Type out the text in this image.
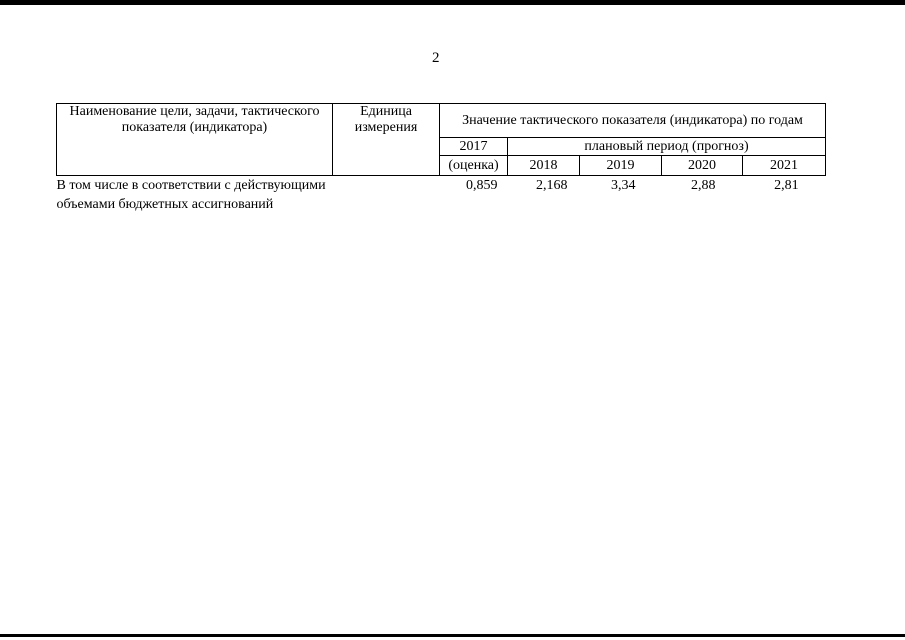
2
Наименование цели, задачи, тактического показателя (индикатора)	Единица измерения	Значение тактического показателя (индикатора) по годам				
		2017	плановый период (прогноз)			
		(оценка)	2018	2019	2020	2021
В том числе в соответствии с действующими объемами бюджетных ассигнований		0,859	2,168	3,34	2,88	2,81
